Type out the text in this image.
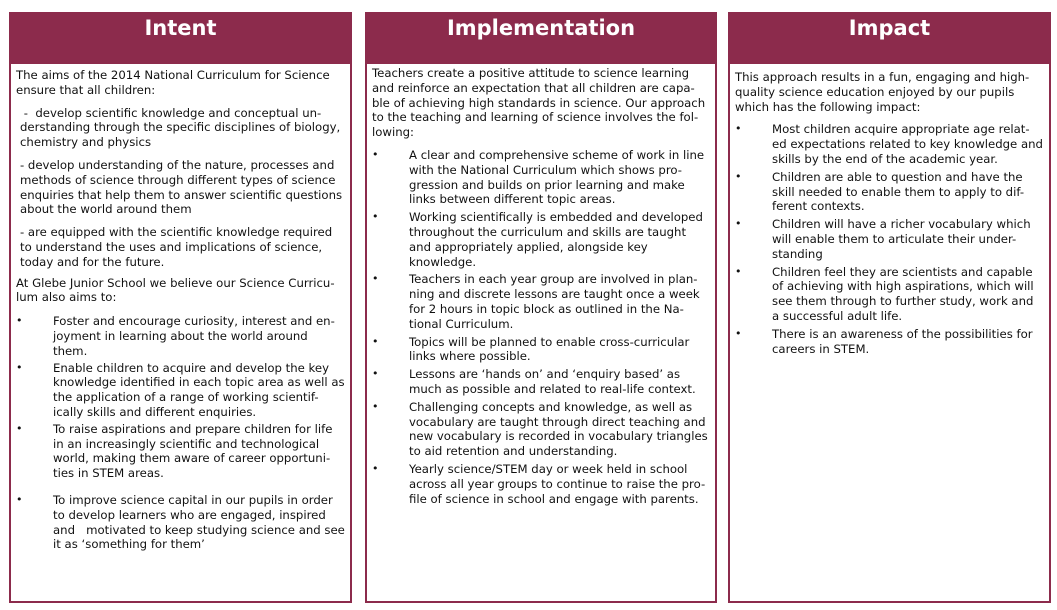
Intent

The aims of the 2014 National Curriculum for Science ensure that all children:

-  develop scientific knowledge and conceptual un-derstanding through the specific disciplines of biology, chemistry and physics

- develop understanding of the nature, processes and methods of science through different types of science enquiries that help them to answer scientific questions about the world around them

- are equipped with the scientific knowledge required to understand the uses and implications of science, today and for the future.

At Glebe Junior School we believe our Science Curricu-lum also aims to:

•	Foster and encourage curiosity, interest and en-joyment in learning about the world around them.
•	Enable children to acquire and develop the key knowledge identified in each topic area as well as the application of a range of working scientif-ically skills and different enquiries.
•	To raise aspirations and prepare children for life in an increasingly scientific and technological world, making them aware of career opportuni-ties in STEM areas.
•	To improve science capital in our pupils in order to develop learners who are engaged, inspired and   motivated to keep studying science and see it as ‘something for them’
Implementation

Teachers create a positive attitude to science learning and reinforce an expectation that all children are capa-ble of achieving high standards in science. Our approach to the teaching and learning of science involves the fol-lowing:

•	A clear and comprehensive scheme of work in line with the National Curriculum which shows pro-gression and builds on prior learning and make links between different topic areas.
•	Working scientifically is embedded and developed throughout the curriculum and skills are taught and appropriately applied, alongside key knowledge.
•	Teachers in each year group are involved in plan-ning and discrete lessons are taught once a week for 2 hours in topic block as outlined in the Na-tional Curriculum.
•	Topics will be planned to enable cross-curricular links where possible.
•	Lessons are ‘hands on’ and ‘enquiry based’ as much as possible and related to real-life context.
•	Challenging concepts and knowledge, as well as vocabulary are taught through direct teaching and new vocabulary is recorded in vocabulary triangles to aid retention and understanding.
•	Yearly science/STEM day or week held in school across all year groups to continue to raise the pro-file of science in school and engage with parents.
Impact

This approach results in a fun, engaging and high-quality science education enjoyed by our pupils which has the following impact:

•	Most children acquire appropriate age relat-ed expectations related to key knowledge and skills by the end of the academic year.
•	Children are able to question and have the skill needed to enable them to apply to dif-ferent contexts.
•	Children will have a richer vocabulary which will enable them to articulate their under-standing
•	Children feel they are scientists and capable of achieving with high aspirations, which will see them through to further study, work and a successful adult life.
•	There is an awareness of the possibilities for careers in STEM.
